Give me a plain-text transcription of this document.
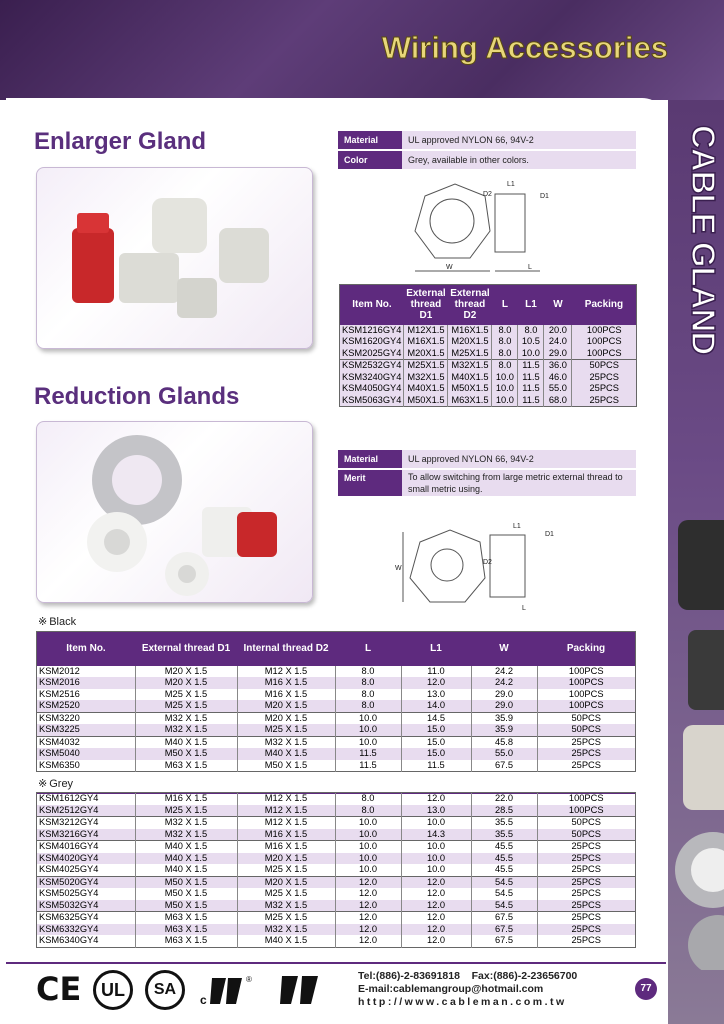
Wiring Accessories
CABLE GLAND
Enlarger Gland	Material	UL approved NYLON 66, 94V-2
Color	Grey, available in other colors.
D2
L1
D1
W	L
Item No.	External thread D1	External thread D2	L	L1	W	Packing
KSM1216GY4	M12X1.5	M16X1.5	8.0	8.0	20.0	100PCS
KSM1620GY4	M16X1.5	M20X1.5	8.0	10.5	24.0	100PCS
KSM2025GY4	M20X1.5	M25X1.5	8.0	10.0	29.0	100PCS
KSM2532GY4	M25X1.5	M32X1.5	8.0	11.5	36.0	50PCS
KSM3240GY4	M32X1.5	M40X1.5	10.0	11.5	46.0	25PCS
KSM4050GY4	M40X1.5	M50X1.5	10.0	11.5	55.0	25PCS
KSM5063GY4	M50X1.5	M63X1.5	10.0	11.5	68.0	25PCS
Reduction Glands
Material	UL approved NYLON 66, 94V-2
Merit	To allow switching from large metric external thread to small metric using.
L1
D1
W
D2
L
※ Black
Item No.	External thread D1	Internal thread D2	L	L1	W	Packing
KSM2012	M20 X 1.5	M12 X 1.5	8.0	11.0	24.2	100PCS
KSM2016	M20 X 1.5	M16 X 1.5	8.0	12.0	24.2	100PCS
KSM2516	M25 X 1.5	M16 X 1.5	8.0	13.0	29.0	100PCS
KSM2520	M25 X 1.5	M20 X 1.5	8.0	14.0	29.0	100PCS
KSM3220	M32 X 1.5	M20 X 1.5	10.0	14.5	35.9	50PCS
KSM3225	M32 X 1.5	M25 X 1.5	10.0	15.0	35.9	50PCS
KSM4032	M40 X 1.5	M32 X 1.5	10.0	15.0	45.8	25PCS
KSM5040	M50 X 1.5	M40 X 1.5	11.5	15.0	55.0	25PCS
KSM6350	M63 X 1.5	M50 X 1.5	11.5	11.5	67.5	25PCS
※ Grey

KSM1612GY4	M16 X 1.5	M12 X 1.5	8.0	12.0	22.0	100PCS
KSM2512GY4	M25 X 1.5	M12 X 1.5	8.0	13.0	28.5	100PCS
KSM3212GY4	M32 X 1.5	M12 X 1.5	10.0	10.0	35.5	50PCS
KSM3216GY4	M32 X 1.5	M16 X 1.5	10.0	14.3	35.5	50PCS
KSM4016GY4	M40 X 1.5	M16 X 1.5	10.0	10.0	45.5	25PCS
KSM4020GY4	M40 X 1.5	M20 X 1.5	10.0	10.0	45.5	25PCS
KSM4025GY4	M40 X 1.5	M25 X 1.5	10.0	10.0	45.5	25PCS
KSM5020GY4	M50 X 1.5	M20 X 1.5	12.0	12.0	54.5	25PCS
KSM5025GY4	M50 X 1.5	M25 X 1.5	12.0	12.0	54.5	25PCS
KSM5032GY4	M50 X 1.5	M32 X 1.5	12.0	12.0	54.5	25PCS
KSM6325GY4	M63 X 1.5	M25 X 1.5	12.0	12.0	67.5	25PCS
KSM6332GY4	M63 X 1.5	M32 X 1.5	12.0	12.0	67.5	25PCS
KSM6340GY4	M63 X 1.5	M40 X 1.5	12.0	12.0	67.5	25PCS
CE	UL	SA
c
®	Tel:(886)-2-83691818 Fax:(886)-2-23656700
E-mail:cablemangroup@hotmail.com
http://www.cableman.com.tw
77
